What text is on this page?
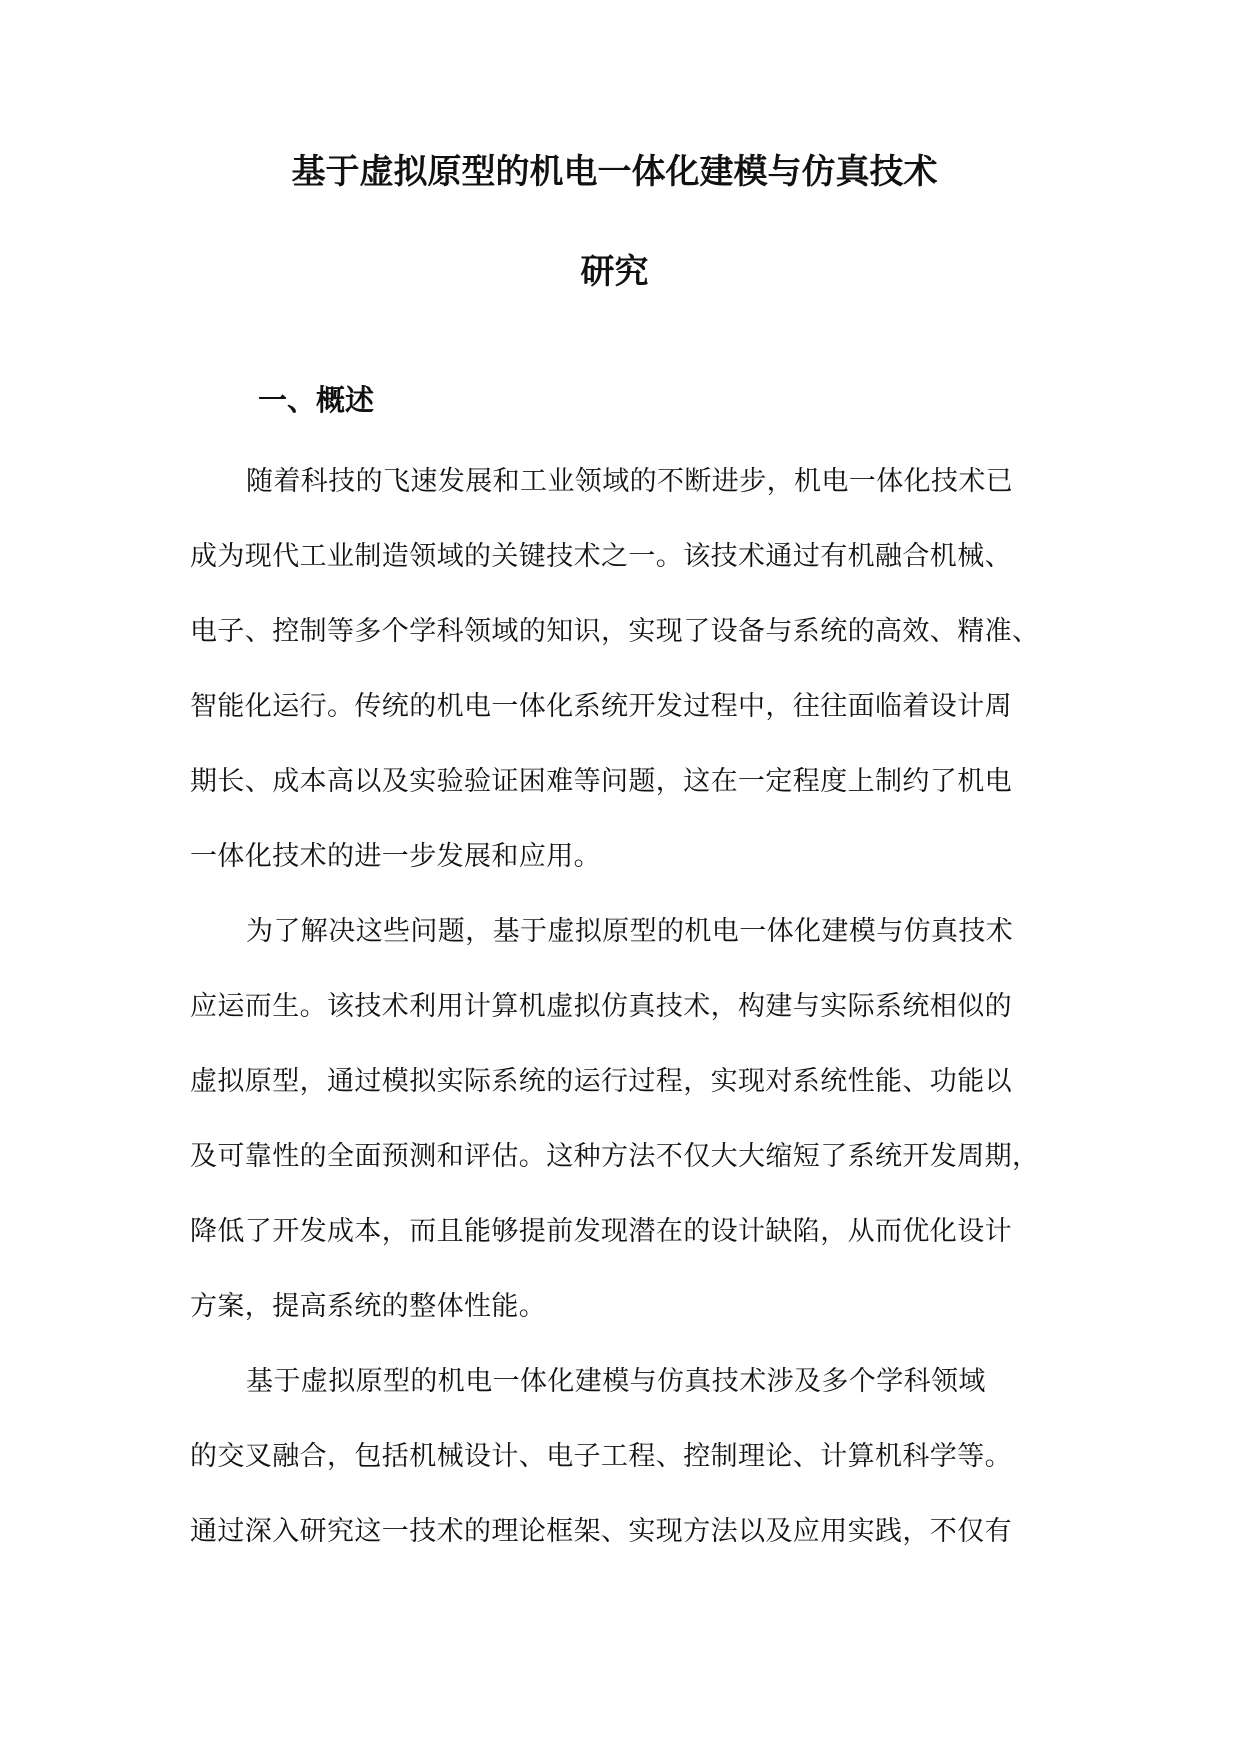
基于虚拟原型的机电一体化建模与仿真技术
研究
一、概述
随着科技的飞速发展和工业领域的不断进步，机电一体化技术已
成为现代工业制造领域的关键技术之一。该技术通过有机融合机械、
电子、控制等多个学科领域的知识，实现了设备与系统的高效、精准、
智能化运行。传统的机电一体化系统开发过程中，往往面临着设计周
期长、成本高以及实验验证困难等问题，这在一定程度上制约了机电
一体化技术的进一步发展和应用。
为了解决这些问题，基于虚拟原型的机电一体化建模与仿真技术
应运而生。该技术利用计算机虚拟仿真技术，构建与实际系统相似的
虚拟原型，通过模拟实际系统的运行过程，实现对系统性能、功能以
及可靠性的全面预测和评估。这种方法不仅大大缩短了系统开发周期，
降低了开发成本，而且能够提前发现潜在的设计缺陷，从而优化设计
方案，提高系统的整体性能。
基于虚拟原型的机电一体化建模与仿真技术涉及多个学科领域
的交叉融合，包括机械设计、电子工程、控制理论、计算机科学等。
通过深入研究这一技术的理论框架、实现方法以及应用实践，不仅有
